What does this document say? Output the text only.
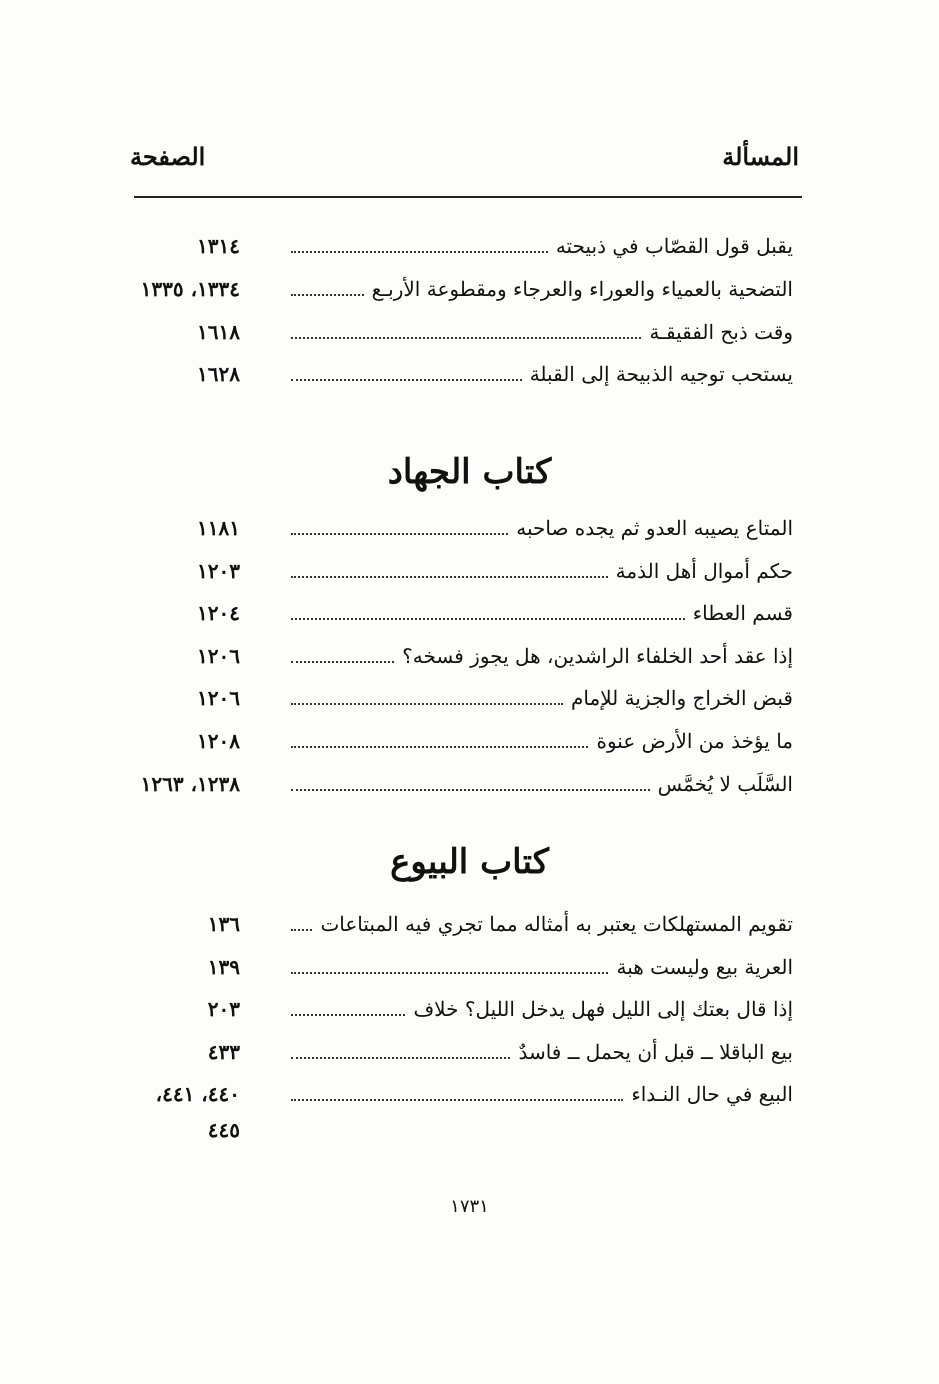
المسألة
الصفحة
يقبل قول القصّاب في ذبيحته
١٣١٤
التضحية بالعمياء والعوراء والعرجاء ومقطوعة الأربـع
١٣٣٤، ١٣٣٥
وقت ذبح الفقيقـة
١٦١٨
يستحب توجيه الذبيحة إلى القبلة
١٦٢٨
كتاب الجهاد
المتاع يصيبه العدو ثم يجده صاحبه
١١٨١
حكم أموال أهل الذمة
١٢٠٣
قسم العطاء
١٢٠٤
إذا عقد أحد الخلفاء الراشدين، هل يجوز فسخه؟
١٢٠٦
قبض الخراج والجزية للإمام
١٢٠٦
ما يؤخذ من الأرض عنوة
١٢٠٨
السَّلَب لا يُخمَّس
١٢٣٨، ١٢٦٣
كتاب البيوع
تقويم المستهلكات يعتبر به أمثاله مما تجري فيه المبتاعات
١٣٦
العرية بيع وليست هبة
١٣٩
إذا قال بعتك إلى الليل فهل يدخل الليل؟ خلاف
٢٠٣
بيع الباقلا ــ قبل أن يحمل ــ فاسدٌ
٤٣٣
البيع في حال النـداء
٤٤٠، ٤٤١،
٤٤٥
١٧٣١
